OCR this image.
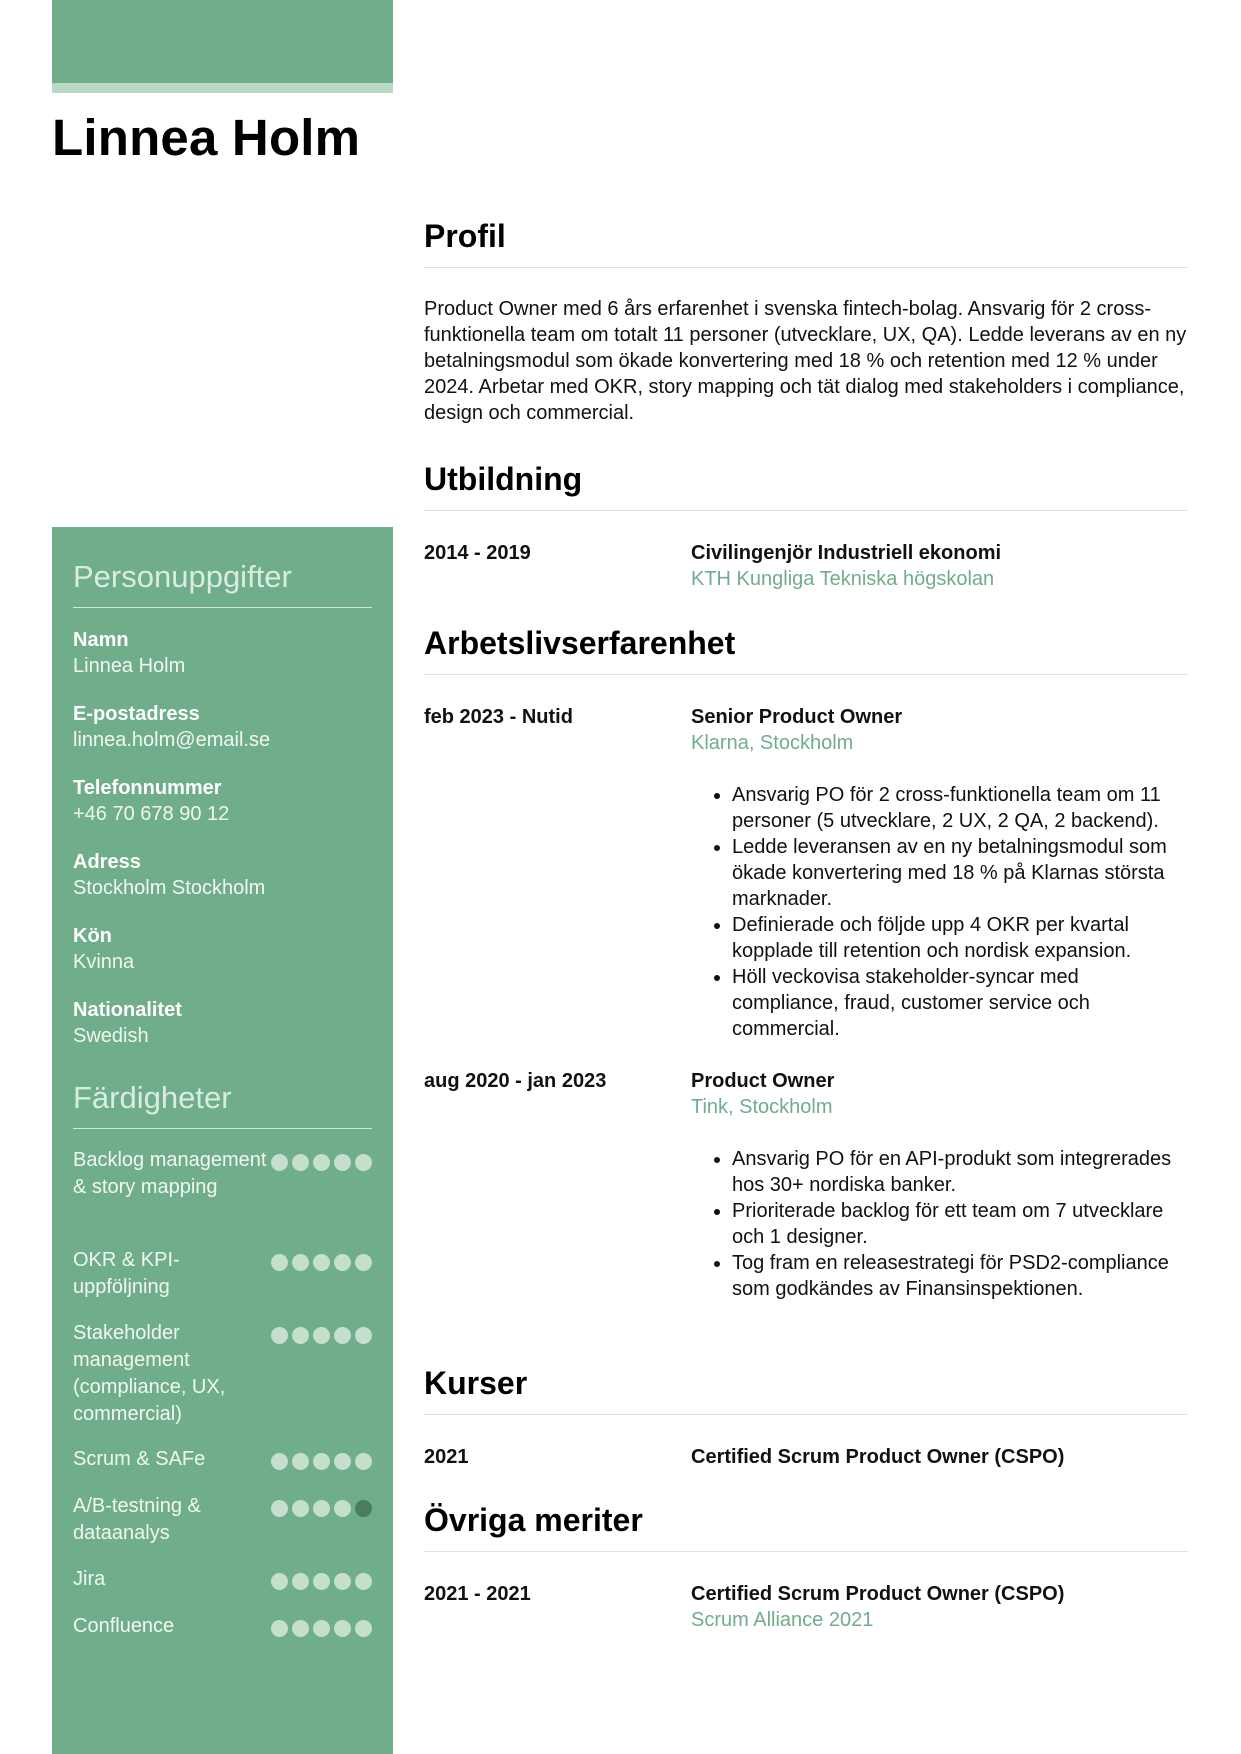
Linnea Holm
Personuppgifter
Namn
Linnea Holm
E-postadress
linnea.holm@email.se
Telefonnummer
+46 70 678 90 12
Adress
Stockholm Stockholm
Kön
Kvinna
Nationalitet
Swedish
Färdigheter
Backlog management & story mapping
OKR & KPI-uppföljning
Stakeholder management (compliance, UX, commercial)
Scrum & SAFe
A/B-testning & dataanalys
Jira
Confluence
Profil

Product Owner med 6 års erfarenhet i svenska fintech-bolag. Ansvarig för 2 cross-funktionella team om totalt 11 personer (utvecklare, UX, QA). Ledde leverans av en ny betalningsmodul som ökade konvertering med 18 % och retention med 12 % under 2024. Arbetar med OKR, story mapping och tät dialog med stakeholders i compliance, design och commercial.

Utbildning
2014 - 2019	Civilingenjör Industriell ekonomi
KTH Kungliga Tekniska högskolan
Arbetslivserfarenhet
feb 2023 - Nutid	Senior Product Owner
Klarna, Stockholm
• Ansvarig PO för 2 cross-funktionella team om 11 personer (5 utvecklare, 2 UX, 2 QA, 2 backend).
• Ledde leveransen av en ny betalningsmodul som ökade konvertering med 18 % på Klarnas största marknader.
• Definierade och följde upp 4 OKR per kvartal kopplade till retention och nordisk expansion.
• Höll veckovisa stakeholder-syncar med compliance, fraud, customer service och commercial.
aug 2020 - jan 2023	Product Owner
Tink, Stockholm
• Ansvarig PO för en API-produkt som integrerades hos 30+ nordiska banker.
• Prioriterade backlog för ett team om 7 utvecklare och 1 designer.
• Tog fram en releasestrategi för PSD2-compliance som godkändes av Finansinspektionen.
Kurser
2021	Certified Scrum Product Owner (CSPO)
Övriga meriter
2021 - 2021	Certified Scrum Product Owner (CSPO)
Scrum Alliance 2021
